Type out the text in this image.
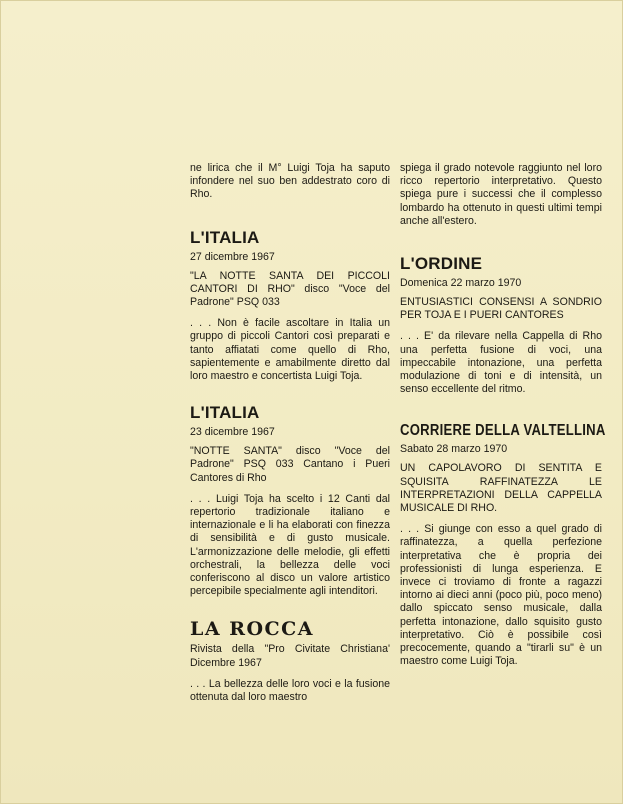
ne lirica che il M° Luigi Toja ha saputo infondere nel suo ben addestrato coro di Rho.

L'ITALIA
27 dicembre 1967

"LA NOTTE SANTA DEI PICCOLI CANTORI DI RHO" disco "Voce del Padrone" PSQ 033

. . . Non è facile ascoltare in Italia un gruppo di piccoli Cantori così preparati e tanto affiatati come quello di Rho, sapientemente e amabilmente diretto dal loro maestro e concertista Luigi Toja.

L'ITALIA
23 dicembre 1967

"NOTTE SANTA" disco "Voce del Padrone" PSQ 033 Cantano i Pueri Cantores di Rho

. . . Luigi Toja ha scelto i 12 Canti dal repertorio tradizionale italiano e internazionale e li ha elaborati con finezza di sensibilità e di gusto musicale. L'armonizzazione delle melodie, gli effetti orchestrali, la bellezza delle voci conferiscono al disco un valore artistico percepibile specialmente agli intenditori.

LA ROCCA

Rivista della "Pro Civitate Christiana' Dicembre 1967

. . . La bellezza delle loro voci e la fusione ottenuta dal loro maestro

spiega il grado notevole raggiunto nel loro ricco repertorio interpretativo. Questo spiega pure i successi che il complesso lombardo ha ottenuto in questi ultimi tempi anche all'estero.

L'ORDINE
Domenica 22 marzo 1970

ENTUSIASTICI CONSENSI A SONDRIO PER TOJA E I PUERI CANTORES

. . . E' da rilevare nella Cappella di Rho una perfetta fusione di voci, una impeccabile intonazione, una perfetta modulazione di toni e di intensità, un senso eccellente del ritmo.

CORRIERE DELLA VALTELLINA
Sabato 28 marzo 1970

UN CAPOLAVORO DI SENTITA E SQUISITA RAFFINATEZZA LE INTERPRETAZIONI DELLA CAPPELLA MUSICALE DI RHO.

. . . Si giunge con esso a quel grado di raffinatezza, a quella perfezione interpretativa che è propria dei professionisti di lunga esperienza. E invece ci troviamo di fronte a ragazzi intorno ai dieci anni (poco più, poco meno) dallo spiccato senso musicale, dalla perfetta intonazione, dallo squisito gusto interpretativo. Ciò è possibile così precocemente, quando a "tirarli su" è un maestro come Luigi Toja.
